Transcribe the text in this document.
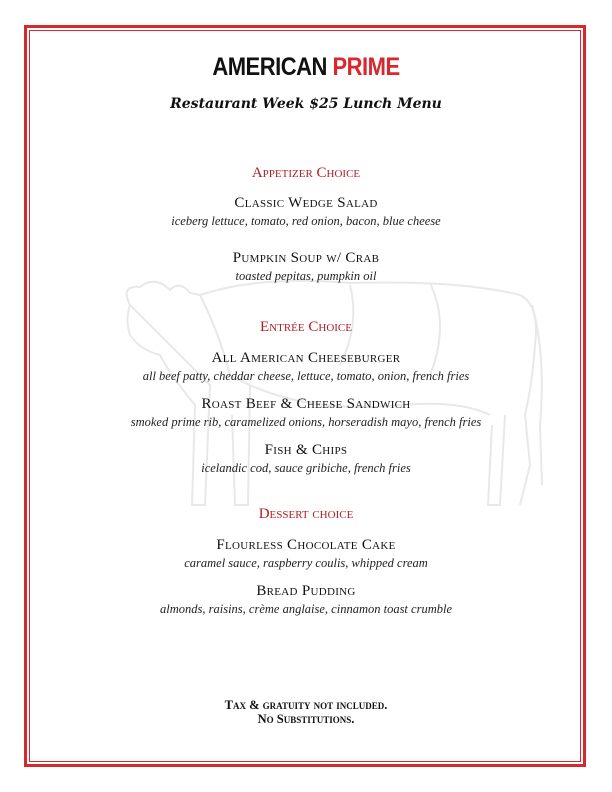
AMERICAN PRIME
Restaurant Week $25 Lunch Menu
Appetizer Choice
Classic Wedge Salad
iceberg lettuce, tomato, red onion, bacon, blue cheese
Pumpkin Soup w/ Crab
toasted pepitas, pumpkin oil
Entrée Choice
All American Cheeseburger
all beef patty, cheddar cheese, lettuce, tomato, onion, french fries
Roast Beef & Cheese Sandwich
smoked prime rib, caramelized onions, horseradish mayo, french fries
Fish & Chips
icelandic cod, sauce gribiche, french fries
Dessert choice
Flourless Chocolate Cake
caramel sauce, raspberry coulis, whipped cream
Bread Pudding
almonds, raisins, crème anglaise, cinnamon toast crumble
Tax & gratuity not included.
No Substitutions.
